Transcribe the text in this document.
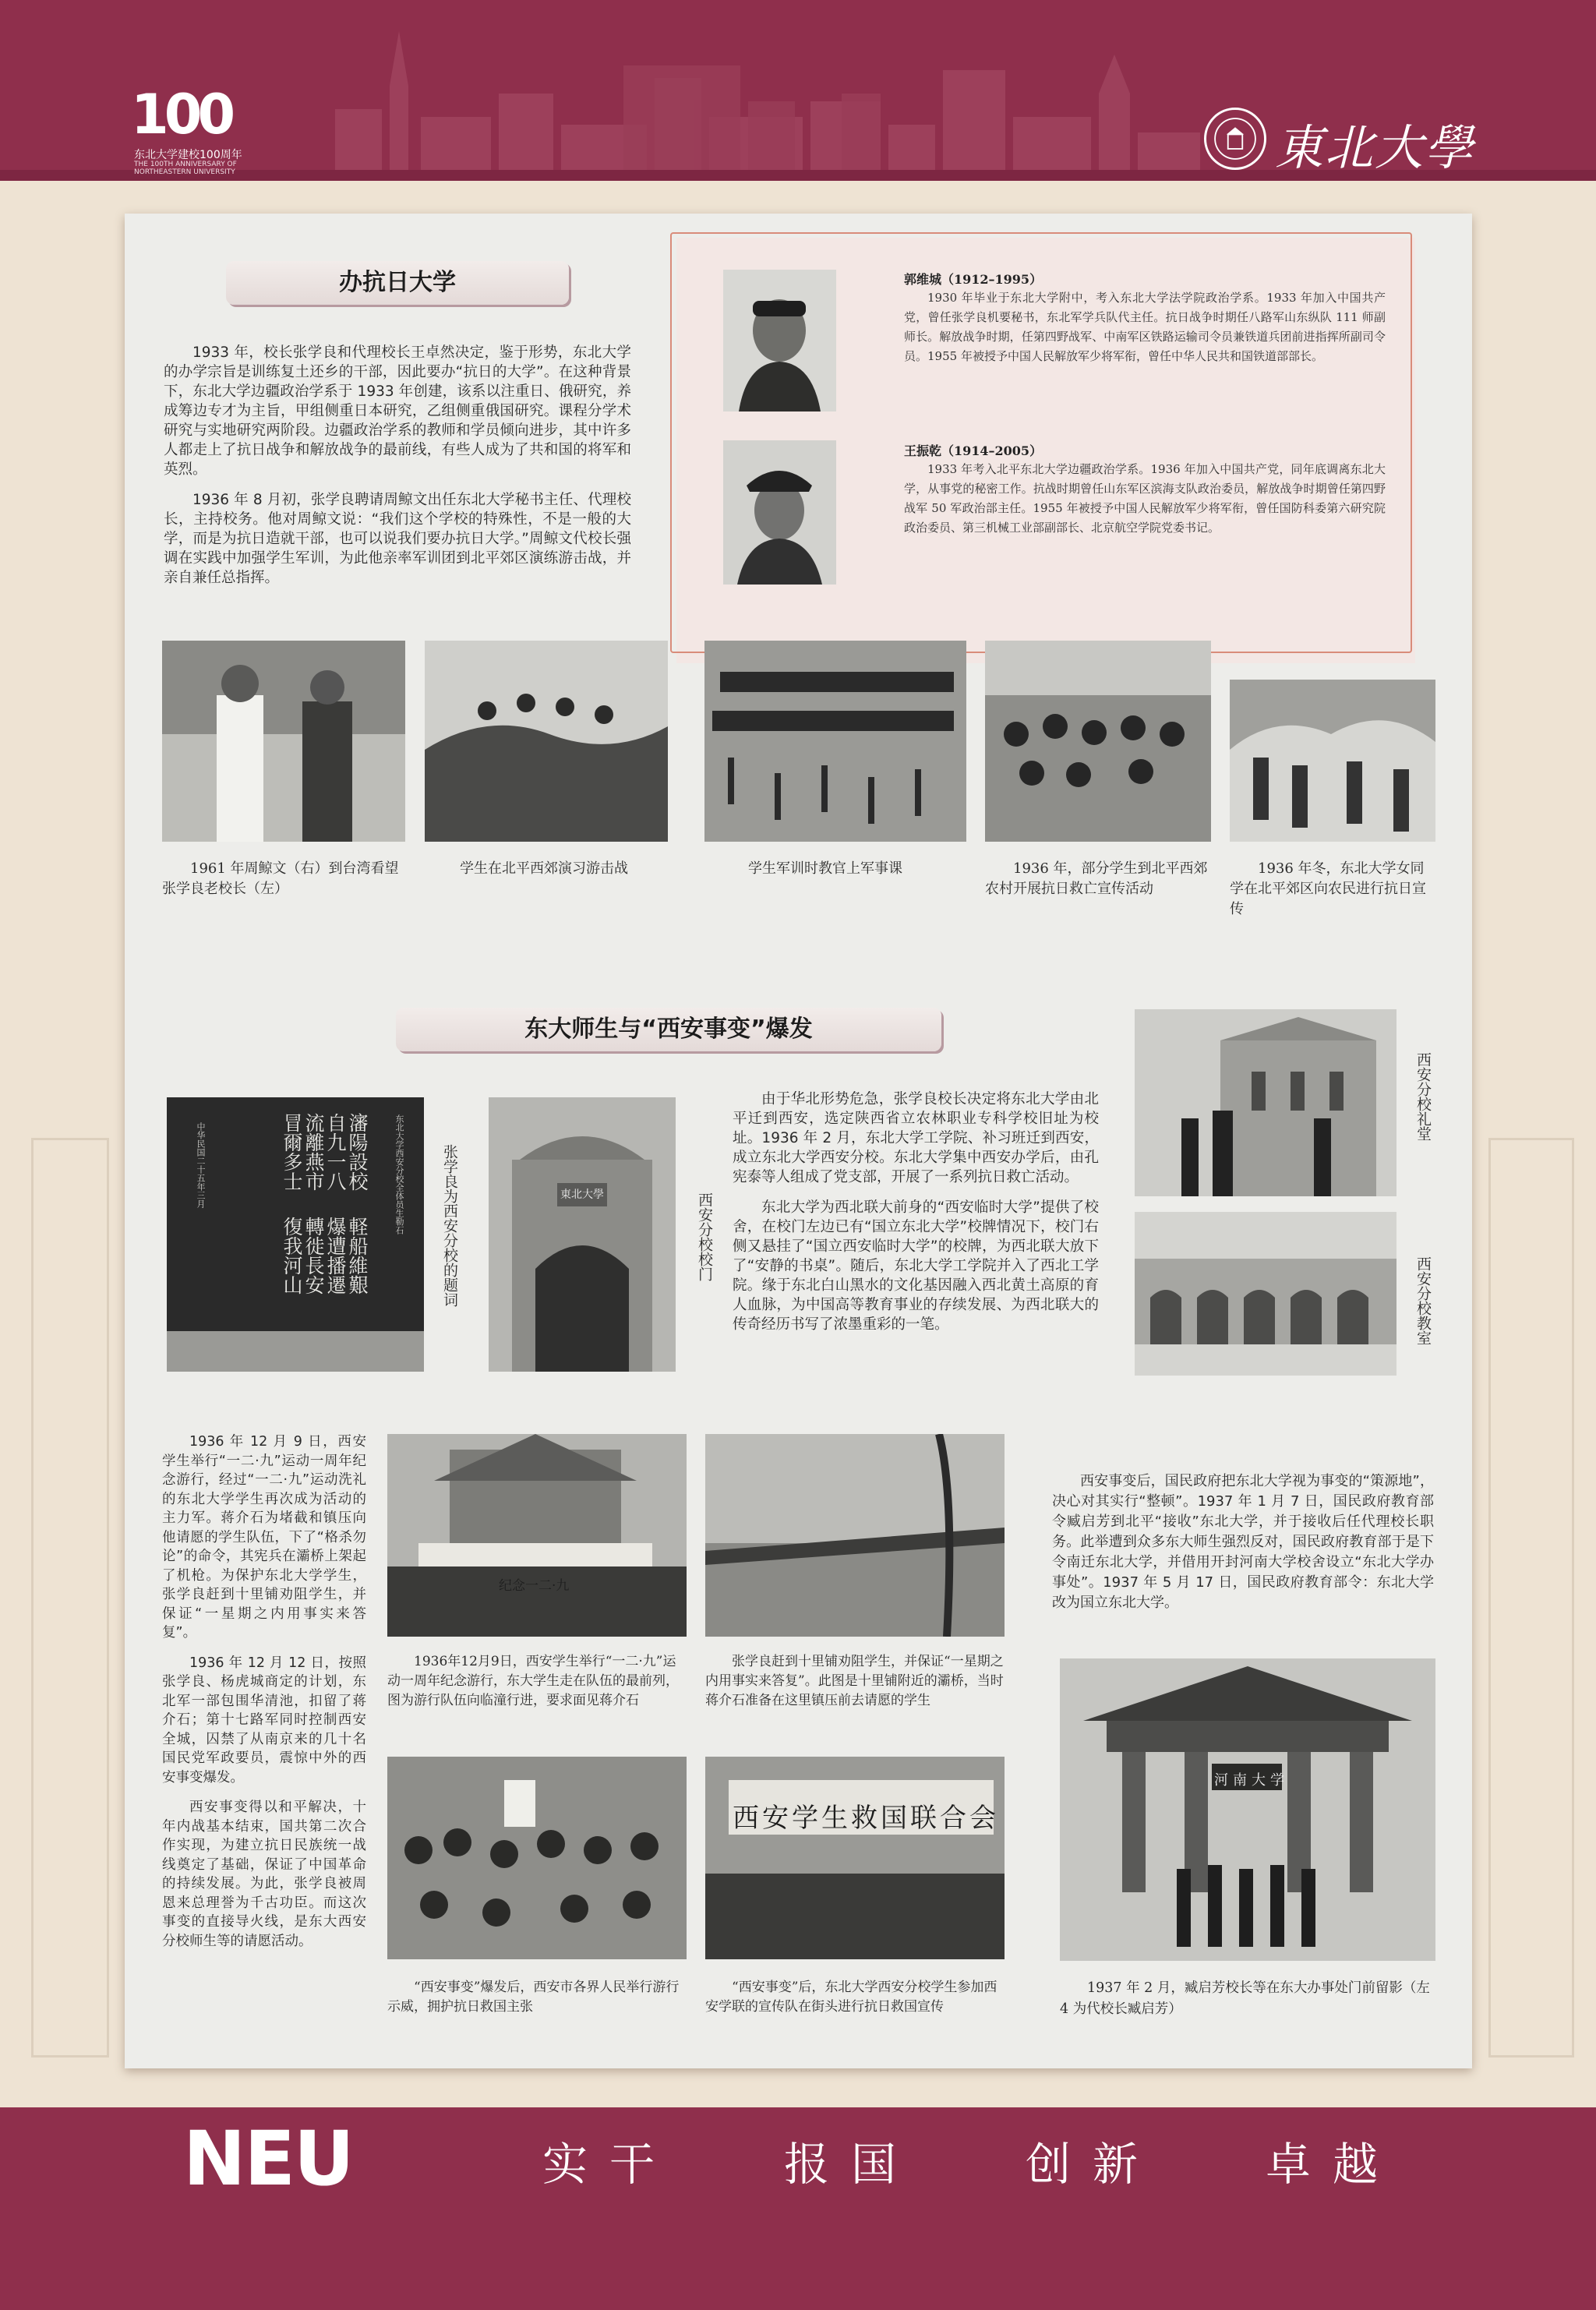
100
东北大学建校100周年
THE 100TH ANNIVERSARY OF NORTHEASTERN UNIVERSITY	東北大學
办抗日大学

1933 年，校长张学良和代理校长王卓然决定，鉴于形势，东北大学的办学宗旨是训练复土还乡的干部，因此要办“抗日的大学”。在这种背景下，东北大学边疆政治学系于 1933 年创建，该系以注重日、俄研究，养成筹边专才为主旨，甲组侧重日本研究，乙组侧重俄国研究。课程分学术研究与实地研究两阶段。边疆政治学系的教师和学员倾向进步，其中许多人都走上了抗日战争和解放战争的最前线，有些人成为了共和国的将军和英烈。

1936 年 8 月初，张学良聘请周鲸文出任东北大学秘书主任、代理校长，主持校务。他对周鲸文说：“我们这个学校的特殊性，不是一般的大学，而是为抗日造就干部，也可以说我们要办抗日大学。”周鲸文代校长强调在实践中加强学生军训，为此他亲率军训团到北平郊区演练游击战，并亲自兼任总指挥。

郭维城（1912–1995）

1930 年毕业于东北大学附中，考入东北大学法学院政治学系。1933 年加入中国共产党，曾任张学良机要秘书，东北军学兵队代主任。抗日战争时期任八路军山东纵队 111 师副师长。解放战争时期，任第四野战军、中南军区铁路运输司令员兼铁道兵团前进指挥所副司令员。1955 年被授予中国人民解放军少将军衔，曾任中华人民共和国铁道部部长。

王振乾（1914–2005）

1933 年考入北平东北大学边疆政治学系。1936 年加入中国共产党，同年底调离东北大学，从事党的秘密工作。抗战时期曾任山东军区滨海支队政治委员，解放战争时期曾任第四野战军 50 军政治部主任。1955 年被授予中国人民解放军少将军衔，曾任国防科委第六研究院政治委员、第三机械工业部副部长、北京航空学院党委书记。

1961 年周鲸文（右）到台湾看望张学良老校长（左）

学生在北平西郊演习游击战	学生军训时教官上军事课	1936 年，部分学生到北平西郊农村开展抗日救亡宣传活动

1936 年冬，东北大学女同学在北平郊区向农民进行抗日宣传

东大师生与“西安事变”爆发
瀋陽設校 　軽船維艱 自九一八 　爆遭播遷 流離燕市 　轉徙長安 冒爾多士 　復我河山
中华民国二十五年三月	东北大学西安分校全体员生勒石 张学良为西安分校的题词	東北大學	西安分校校门

由于华北形势危急，张学良校长决定将东北大学由北平迁到西安，选定陕西省立农林职业专科学校旧址为校址。1936 年 2 月，东北大学工学院、补习班迁到西安，成立东北大学西安分校。东北大学集中西安办学后，由孔宪泰等人组成了党支部，开展了一系列抗日救亡活动。

东北大学为西北联大前身的“西安临时大学”提供了校舍，在校门左边已有“国立东北大学”校牌情况下，校门右侧又悬挂了“国立西安临时大学”的校牌，为西北联大放下了“安静的书桌”。随后，东北大学工学院并入了西北工学院。缘于东北白山黑水的文化基因融入西北黄土高原的育人血脉，为中国高等教育事业的存续发展、为西北联大的传奇经历书写了浓墨重彩的一笔。

西安分校礼堂
西安分校教室

1936 年 12 月 9 日，西安学生举行“一二·九”运动一周年纪念游行，经过“一二·九”运动洗礼的东北大学学生再次成为活动的主力军。蒋介石为堵截和镇压向他请愿的学生队伍，下了“格杀勿论”的命令，其宪兵在灞桥上架起了机枪。为保护东北大学学生，张学良赶到十里铺劝阻学生，并保证“一星期之内用事实来答复”。

1936 年 12 月 12 日，按照张学良、杨虎城商定的计划，东北军一部包围华清池，扣留了蒋介石；第十七路军同时控制西安全城，囚禁了从南京来的几十名国民党军政要员，震惊中外的西安事变爆发。

西安事变得以和平解决，十年内战基本结束，国共第二次合作实现，为建立抗日民族统一战线奠定了基础，保证了中国革命的持续发展。为此，张学良被周恩来总理誉为千古功臣。而这次事变的直接导火线，是东大西安分校师生等的请愿活动。

纪念一二·九

1936年12月9日，西安学生举行“一二·九”运动一周年纪念游行，东大学生走在队伍的最前列，图为游行队伍向临潼行进，要求面见蒋介石

张学良赶到十里铺劝阻学生，并保证“一星期之内用事实来答复”。此图是十里铺附近的灞桥，当时蒋介石准备在这里镇压前去请愿的学生

“西安事变”爆发后，西安市各界人民举行游行示威，拥护抗日救国主张

西安学生救国联合会

“西安事变”后，东北大学西安分校学生参加西安学联的宣传队在街头进行抗日救国宣传

西安事变后，国民政府把东北大学视为事变的“策源地”，决心对其实行“整顿”。1937 年 1 月 7 日，国民政府教育部令臧启芳到北平“接收”东北大学，并于接收后任代理校长职务。此举遭到众多东大师生强烈反对，国民政府教育部于是下令南迁东北大学，并借用开封河南大学校舍设立“东北大学办事处”。1937 年 5 月 17 日，国民政府教育部令：东北大学改为国立东北大学。

河南大学

1937 年 2 月，臧启芳校长等在东大办事处门前留影（左 4 为代校长臧启芳）

NEU	实干 报国 创新 卓越
